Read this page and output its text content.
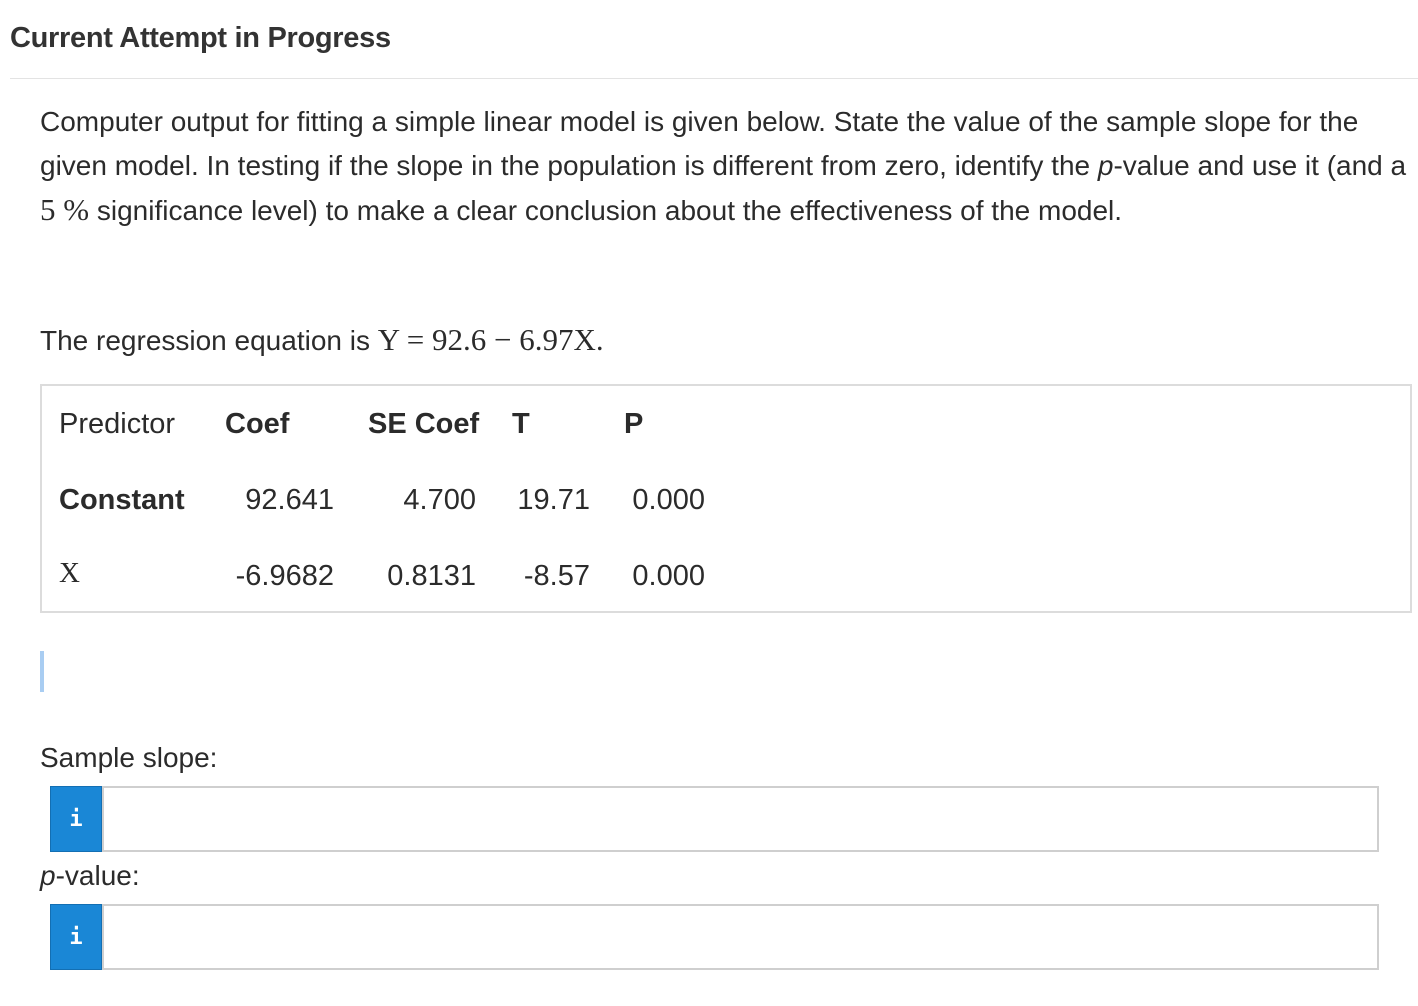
Current Attempt in Progress
Computer output for fitting a simple linear model is given below. State the value of the sample slope for the given model. In testing if the slope in the population is different from zero, identify the p-value and use it (and a 5 % significance level) to make a clear conclusion about the effectiveness of the model.
The regression equation is Y = 92.6 − 6.97X.
Predictor Coef	SE Coef T	P
Constant 92.641 4.700 19.71 0.000
X	-6.9682 0.8131 -8.57 0.000
Sample slope:
i
p-value:
i
